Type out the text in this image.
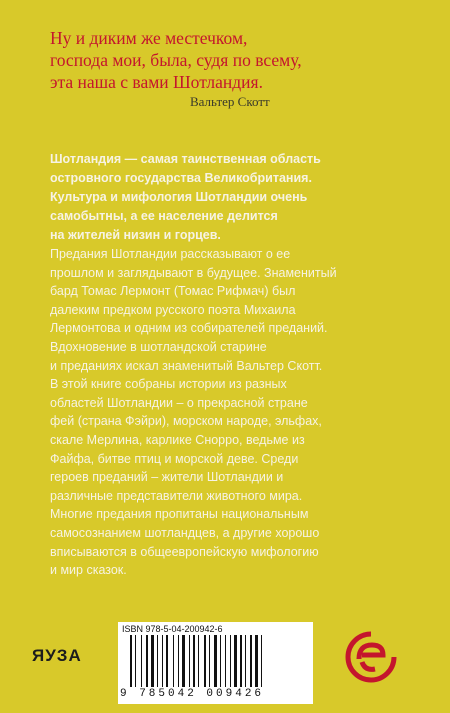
Ну и диким же местечком,
господа мои, была, судя по всему,
эта наша с вами Шотландия.
Вальтер Скотт
Шотландия — самая таинственная область
островного государства Великобритания.
Культура и мифология Шотландии очень
самобытны, а ее население делится
на жителей низин и горцев.
Предания Шотландии рассказывают о ее
прошлом и заглядывают в будущее. Знаменитый
бард Томас Лермонт (Томас Рифмач) был
далеким предком русского поэта Михаила
Лермонтова и одним из собирателей преданий.
Вдохновение в шотландской старине
и преданиях искал знаменитый Вальтер Скотт.
В этой книге собраны истории из разных
областей Шотландии – о прекрасной стране
фей (страна Фэйри), морском народе, эльфах,
скале Мерлина, карлике Снорро, ведьме из
Файфа, битве птиц и морской деве. Среди
героев преданий – жители Шотландии и
различные представители животного мира.
Многие предания пропитаны национальным
самосознанием шотландцев, а другие хорошо
вписываются в общеевропейскую мифологию
и мир сказок.
ЯУЗА
ISBN 978-5-04-200942-6
9 785042 009426
